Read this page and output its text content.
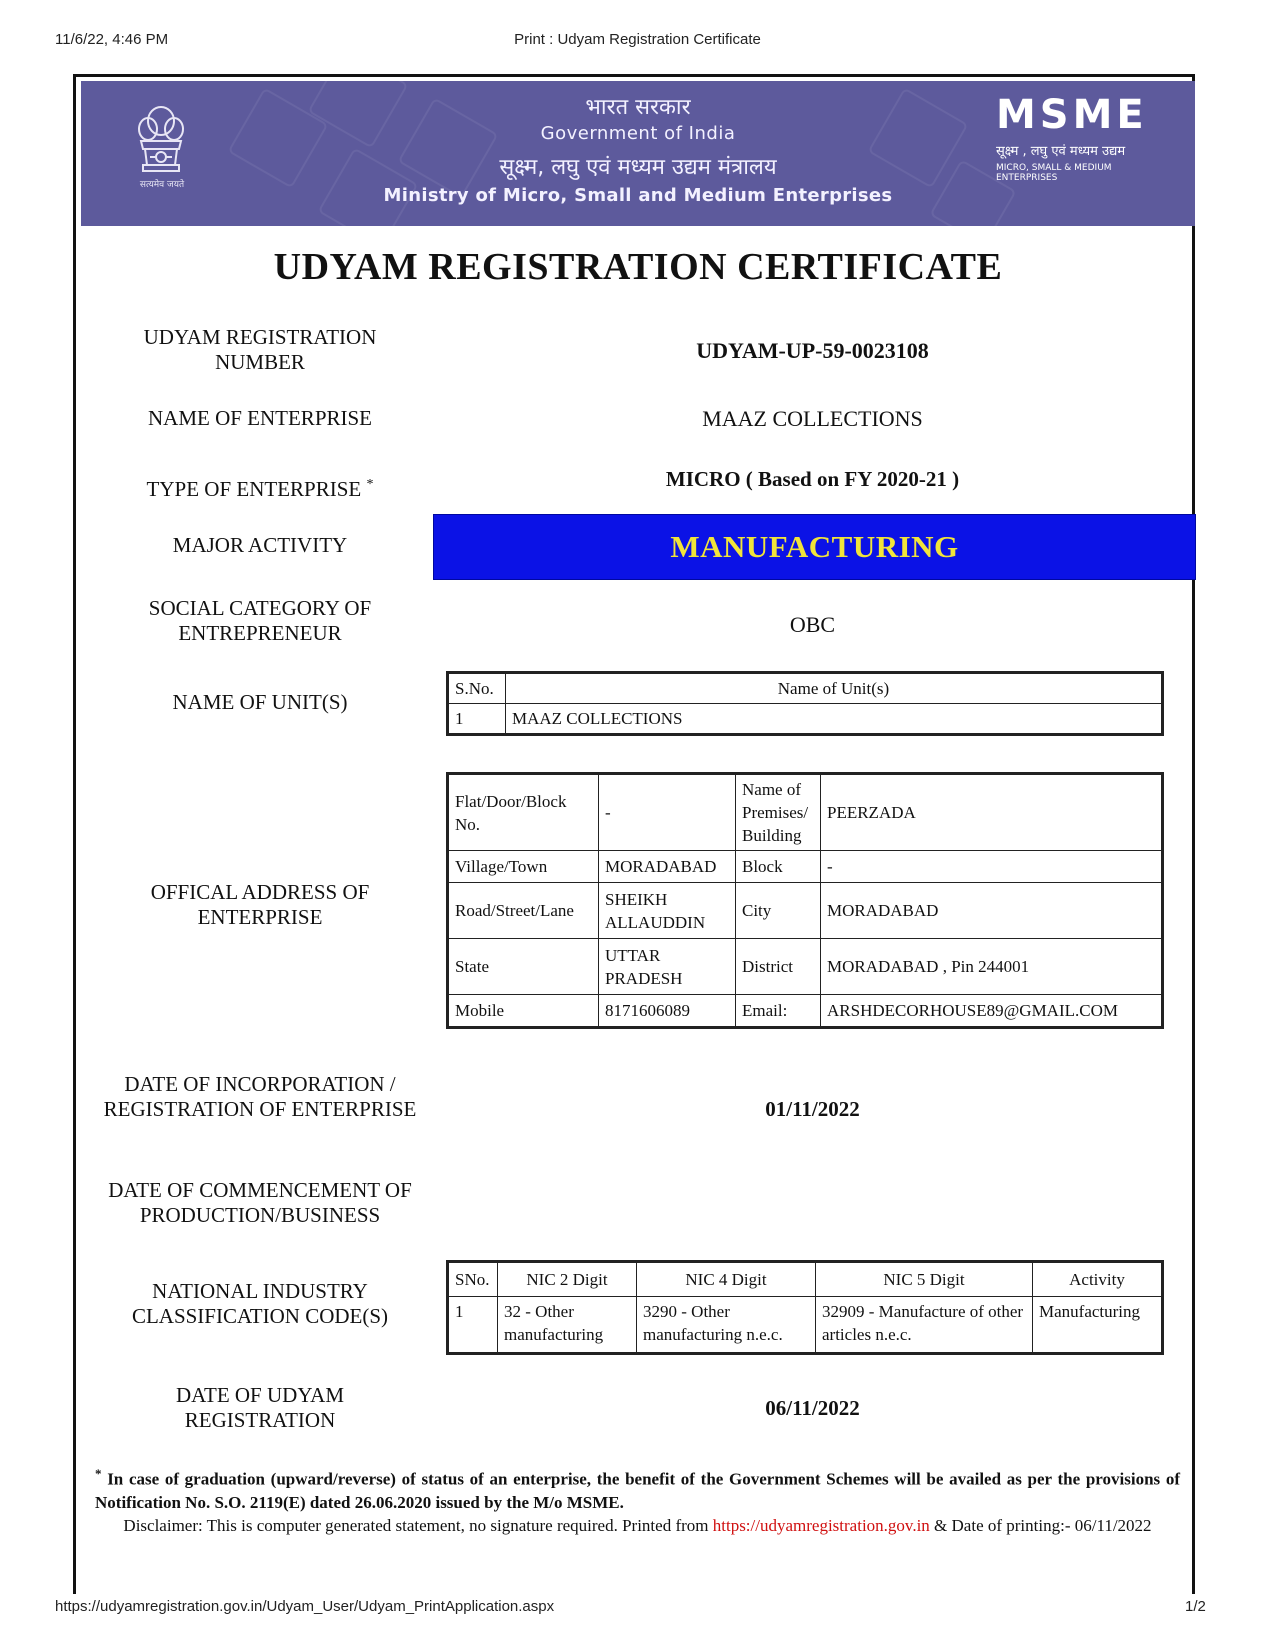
11/6/22, 4:46 PM	Print : Udyam Registration Certificate
सत्यमेव जयते
भारत सरकार
Government of India
सूक्ष्म, लघु एवं मध्यम उद्यम मंत्रालय
Ministry of Micro, Small and Medium Enterprises
MSME
सूक्ष्म , लघु एवं मध्यम उद्यम
MICRO, SMALL & MEDIUM ENTERPRISES
UDYAM REGISTRATION CERTIFICATE
UDYAM REGISTRATION NUMBER	UDYAM-UP-59-0023108
NAME OF ENTERPRISE	MAAZ COLLECTIONS
TYPE OF ENTERPRISE *	MICRO ( Based on FY 2020-21 )
MAJOR ACTIVITY	MANUFACTURING
SOCIAL CATEGORY OF ENTREPRENEUR	OBC
NAME OF UNIT(S)
S.No.	Name of Unit(s)
1	MAAZ COLLECTIONS
OFFICAL ADDRESS OF ENTERPRISE
Flat/Door/Block No.	-	Name of Premises/ Building	PEERZADA
Village/Town	MORADABAD	Block	-
Road/Street/Lane	SHEIKH ALLAUDDIN	City	MORADABAD
State	UTTAR PRADESH	District	MORADABAD , Pin 244001
Mobile	8171606089	Email:	ARSHDECORHOUSE89@GMAIL.COM
DATE OF INCORPORATION / REGISTRATION OF ENTERPRISE	01/11/2022
DATE OF COMMENCEMENT OF PRODUCTION/BUSINESS
NATIONAL INDUSTRY CLASSIFICATION CODE(S)
SNo.	NIC 2 Digit	NIC 4 Digit	NIC 5 Digit	Activity
1	32 - Other manufacturing	3290 - Other manufacturing n.e.c.	32909 - Manufacture of other articles n.e.c.	Manufacturing
DATE OF UDYAM REGISTRATION	06/11/2022
* In case of graduation (upward/reverse) of status of an enterprise, the benefit of the Government Schemes will be availed as per the provisions of Notification No. S.O. 2119(E) dated 26.06.2020 issued by the M/o MSME.
Disclaimer: This is computer generated statement, no signature required. Printed from https://udyamregistration.gov.in & Date of printing:- 06/11/2022
https://udyamregistration.gov.in/Udyam_User/Udyam_PrintApplication.aspx	1/2
